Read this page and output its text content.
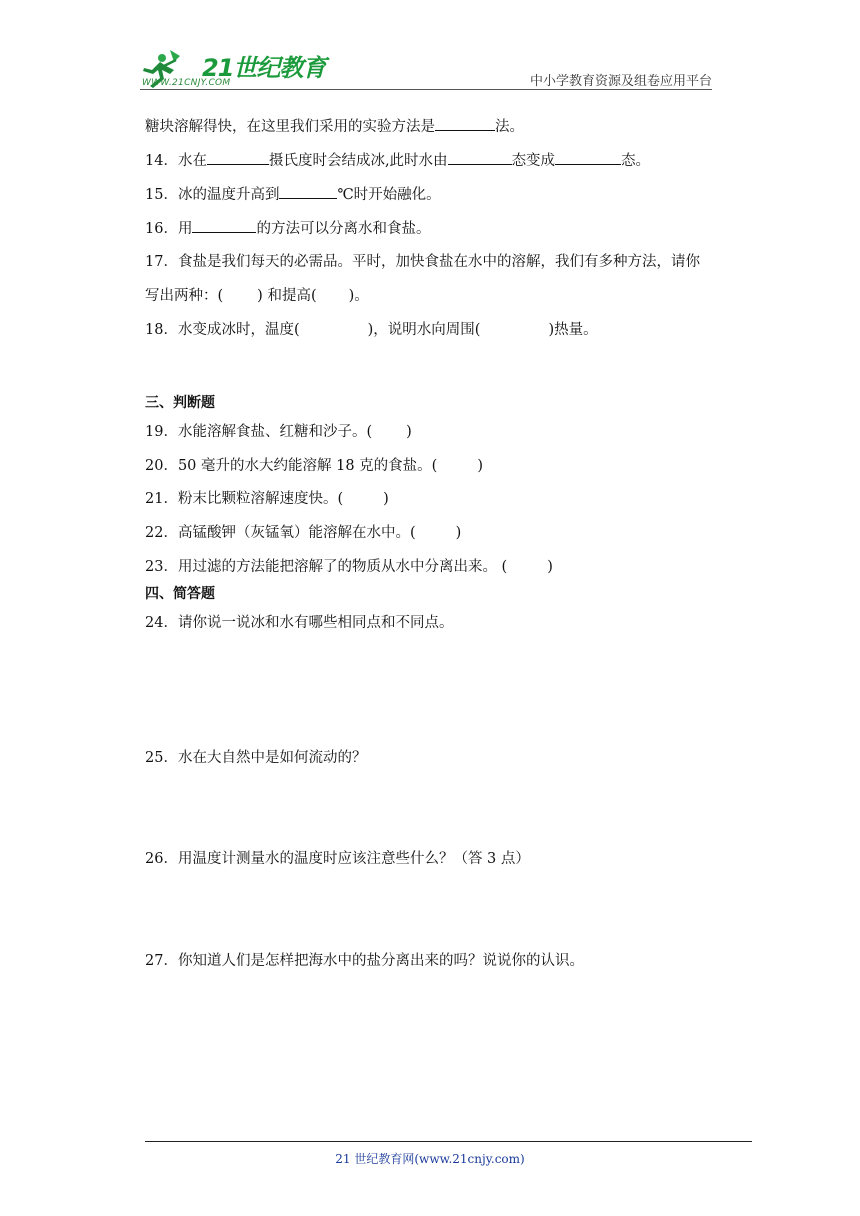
21世纪教育
WWW.21CNJY.COM	中小学教育资源及组卷应用平台
糖块溶解得快，在这里我们采用的实验方法是	法。
14．水在	摄氏度时会结成冰,此时水由	态变成	态。
15．冰的温度升高到	℃时开始融化。
16．用	的方法可以分离水和食盐。
17．食盐是我们每天的必需品。平时，加快食盐在水中的溶解，我们有多种方法，请你
写出两种：( ) 和提高( )。
18．水变成冰时，温度(	)，说明水向周围(	)热量。
三、判断题
19．水能溶解食盐、红糖和沙子。( )
20．50 毫升的水大约能溶解 18 克的食盐。(	)
21．粉末比颗粒溶解速度快。(	)
22．高锰酸钾（灰锰氧）能溶解在水中。(	)
23．用过滤的方法能把溶解了的物质从水中分离出来。 (	)
四、简答题
24．请你说一说冰和水有哪些相同点和不同点。
25．水在大自然中是如何流动的？
26．用温度计测量水的温度时应该注意些什么？（答 3 点）
27．你知道人们是怎样把海水中的盐分离出来的吗？说说你的认识。
21 世纪教育网(www.21cnjy.com)
